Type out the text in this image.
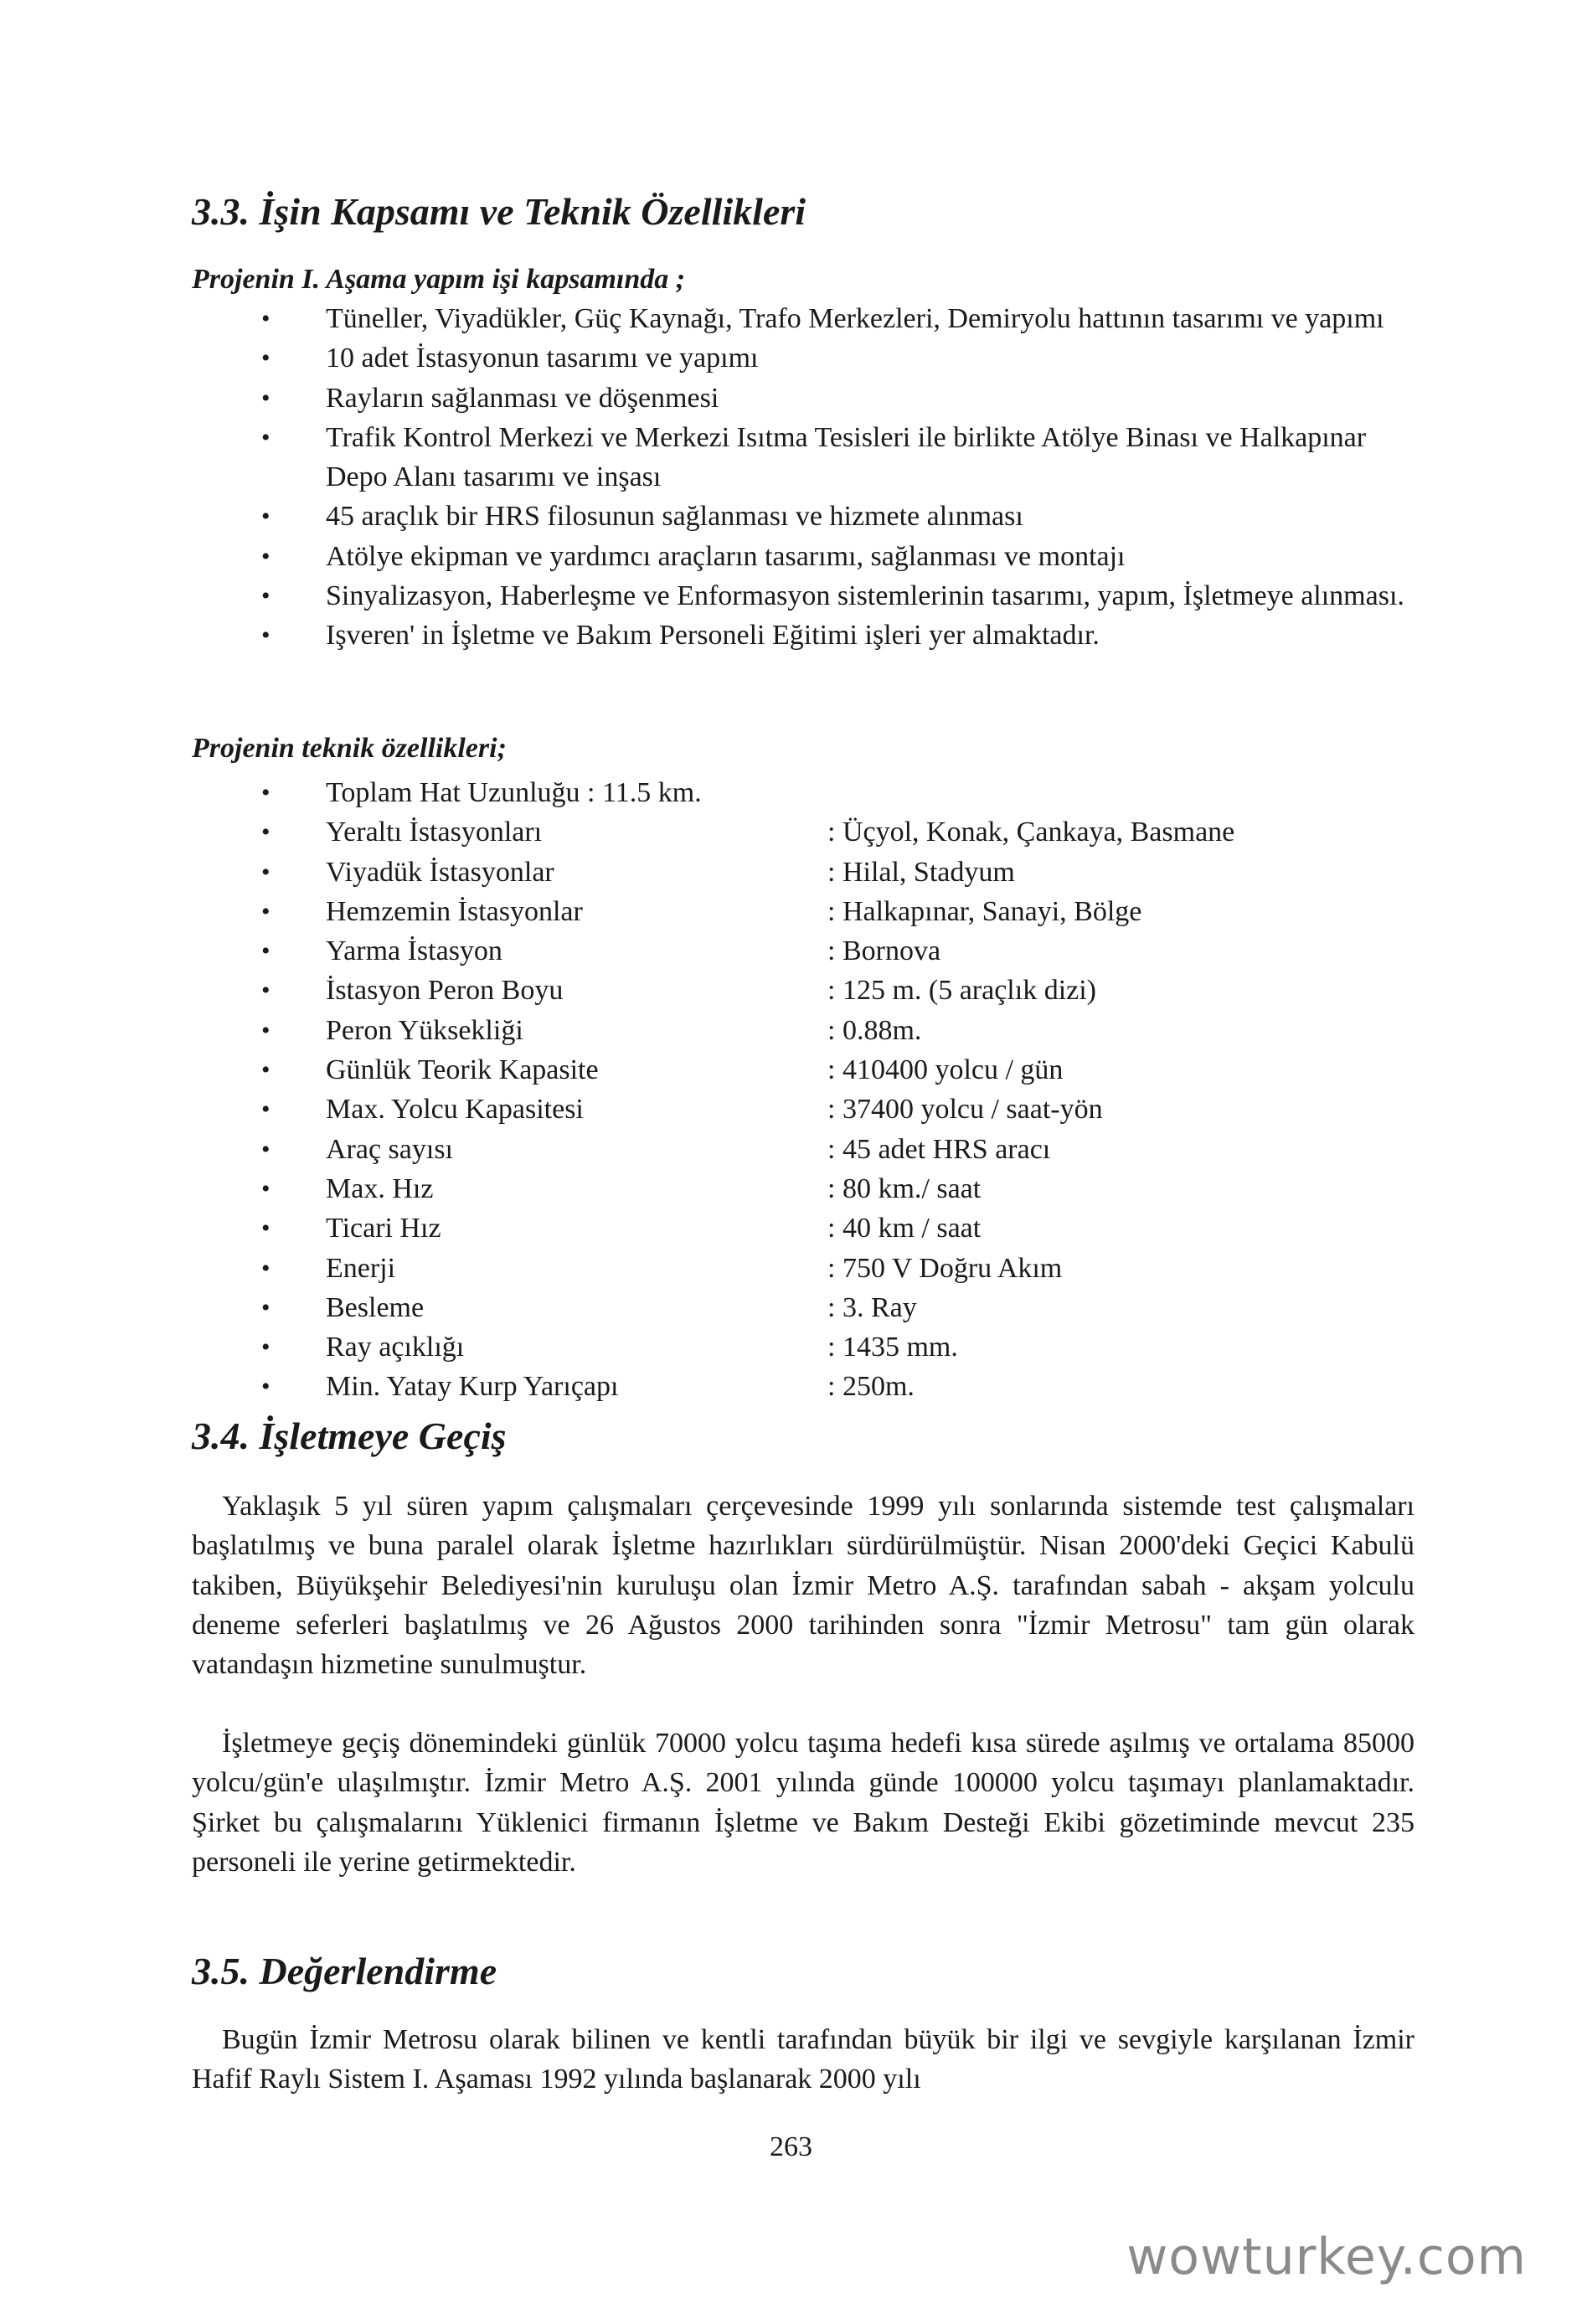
3.3. İşin Kapsamı ve Teknik Özellikleri
Projenin I. Aşama yapım işi kapsamında ;
• Tüneller, Viyadükler, Güç Kaynağı, Trafo Merkezleri, Demiryolu hattının tasarımı ve yapımı
• 10 adet İstasyonun tasarımı ve yapımı
• Rayların sağlanması ve döşenmesi
• Trafik Kontrol Merkezi ve Merkezi Isıtma Tesisleri ile birlikte Atölye Binası ve Halkapınar Depo Alanı tasarımı ve inşası
• 45 araçlık bir HRS filosunun sağlanması ve hizmete alınması
• Atölye ekipman ve yardımcı araçların tasarımı, sağlanması ve montajı
• Sinyalizasyon, Haberleşme ve Enformasyon sistemlerinin tasarımı, yapım, İşletmeye alınması.
• Işveren' in İşletme ve Bakım Personeli Eğitimi işleri yer almaktadır.
Projenin teknik özellikleri;
• Toplam Hat Uzunluğu : 11.5 km.
• Yeraltı İstasyonları	: Üçyol, Konak, Çankaya, Basmane
• Viyadük İstasyonlar	: Hilal, Stadyum
• Hemzemin İstasyonlar	: Halkapınar, Sanayi, Bölge
• Yarma İstasyon	: Bornova
• İstasyon Peron Boyu	: 125 m. (5 araçlık dizi)
• Peron Yüksekliği	: 0.88m.
• Günlük Teorik Kapasite	: 410400 yolcu / gün
• Max. Yolcu Kapasitesi	: 37400 yolcu / saat-yön
• Araç sayısı	: 45 adet HRS aracı
• Max. Hız	: 80 km./ saat
• Ticari Hız	: 40 km / saat
• Enerji	: 750 V Doğru Akım
• Besleme	: 3. Ray
• Ray açıklığı	: 1435 mm.
• Min. Yatay Kurp Yarıçapı	: 250m.
3.4. İşletmeye Geçiş

Yaklaşık 5 yıl süren yapım çalışmaları çerçevesinde 1999 yılı sonlarında sistemde test çalışmaları başlatılmış ve buna paralel olarak İşletme hazırlıkları sürdürülmüştür. Nisan 2000'deki Geçici Kabulü takiben, Büyükşehir Belediyesi'nin kuruluşu olan İzmir Metro A.Ş. tarafından sabah - akşam yolculu deneme seferleri başlatılmış ve 26 Ağustos 2000 tarihinden sonra "İzmir Metrosu" tam gün olarak vatandaşın hizmetine sunulmuştur.

İşletmeye geçiş dönemindeki günlük 70000 yolcu taşıma hedefi kısa sürede aşılmış ve ortalama 85000 yolcu/gün'e ulaşılmıştır. İzmir Metro A.Ş. 2001 yılında günde 100000 yolcu taşımayı planlamaktadır. Şirket bu çalışmalarını Yüklenici firmanın İşletme ve Bakım Desteği Ekibi gözetiminde mevcut 235 personeli ile yerine getirmektedir.

3.5. Değerlendirme

Bugün İzmir Metrosu olarak bilinen ve kentli tarafından büyük bir ilgi ve sevgiyle karşılanan İzmir Hafif Raylı Sistem I. Aşaması 1992 yılında başlanarak 2000 yılı

263
wowturkey.com
